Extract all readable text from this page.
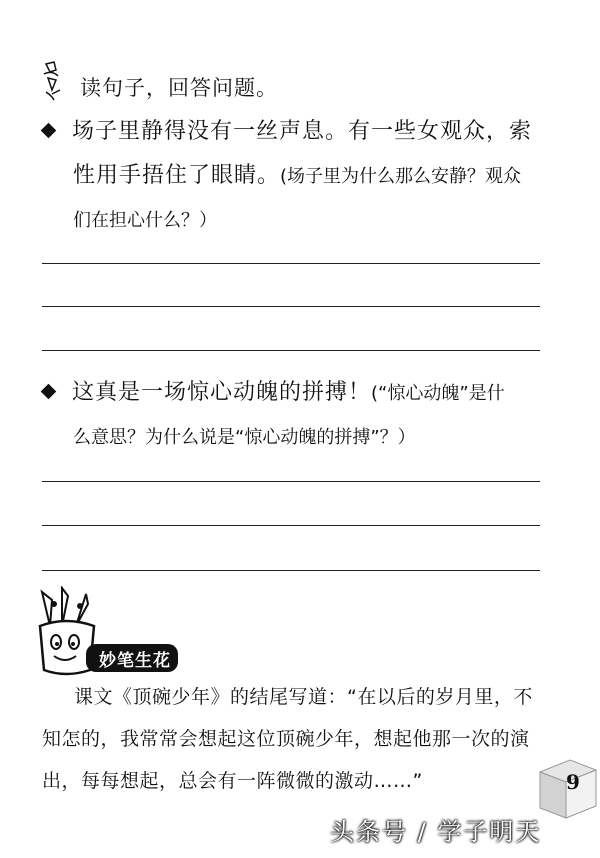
读句子，回答问题。
场子里静得没有一丝声息。有一些女观众，索
性用手捂住了眼睛。(场子里为什么那么安静？观众
们在担心什么？）
这真是一场惊心动魄的拼搏！(“惊心动魄”是什
么意思？为什么说是“惊心动魄的拼搏”？）
妙笔生花
课文《顶碗少年》的结尾写道：“在以后的岁月里，不
知怎的，我常常会想起这位顶碗少年，想起他那一次的演
出，每每想起，总会有一阵微微的激动……”	9
头条号 / 学子明天
